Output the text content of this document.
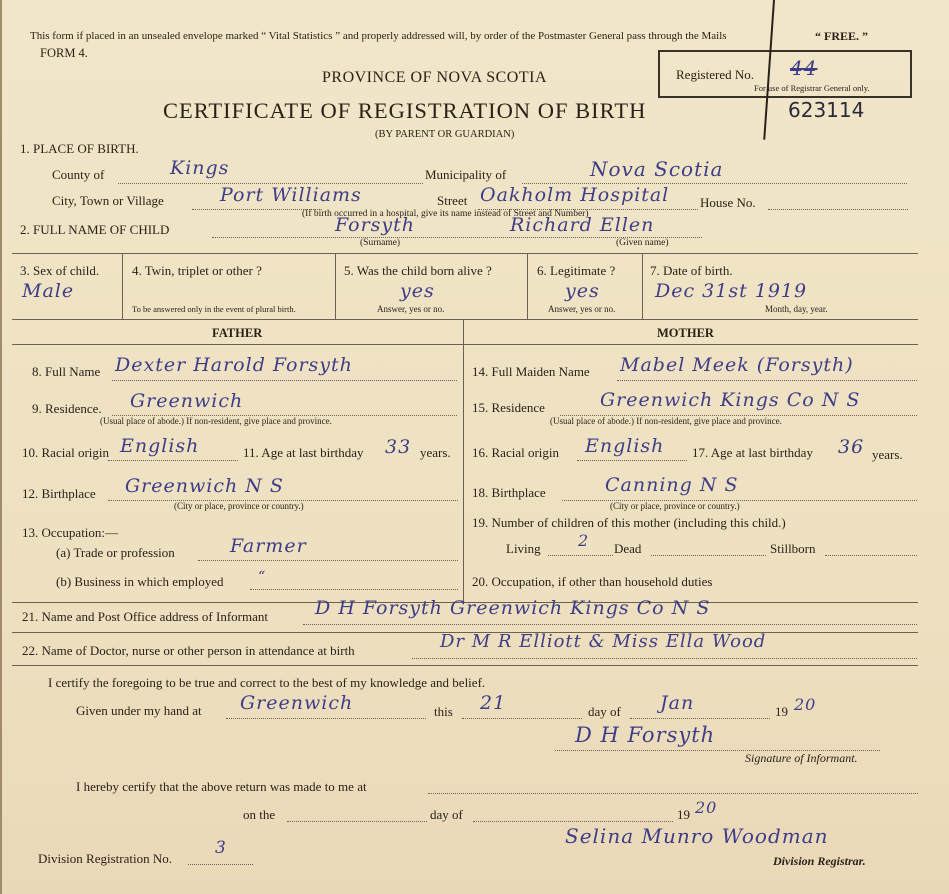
This form if placed in an unsealed envelope marked “ Vital Statistics ” and properly addressed will, by order of the Postmaster General pass through the Mails	“ FREE. ”
FORM 4.
PROVINCE OF NOVA SCOTIA
CERTIFICATE OF REGISTRATION OF BIRTH
(BY PARENT OR GUARDIAN)
Registered No. 44
For use of Registrar General only.
623114
1. PLACE OF BIRTH.
County of	Kings	Municipality of	Nova Scotia
City, Town or Village	Port Williams	Street Oakholm Hospital House No.
(If birth occurred in a hospital, give its name instead of Street and Number)
2. FULL NAME OF CHILD	Forsyth	Richard Ellen
(Surname)	(Given name)
3. Sex of child.
Male
4. Twin, triplet or other ?
To be answered only in the event of plural birth.
5. Was the child born alive ?
yes
Answer, yes or no.
6. Legitimate ?
yes
Answer, yes or no.
7. Date of birth.
Dec 31st 1919
Month, day, year.
FATHER	MOTHER
8. Full Name Dexter Harold Forsyth
9. Residence. Greenwich
(Usual place of abode.) If non-resident, give place and province.
10. Racial origin English	11. Age at last birthday 33 years.
12. Birthplace Greenwich N S
(City or place, province or country.)
13. Occupation:—
(a) Trade or profession	Farmer
(b) Business in which employed “
14. Full Maiden Name Mabel Meek (Forsyth)
15. Residence	Greenwich Kings Co N S
(Usual place of abode.) If non-resident, give place and province.
16. Racial origin English 17. Age at last birthday 36 years.
18. Birthplace	Canning N S
(City or place, province or country.)
19. Number of children of this mother (including this child.)
Living 2 Dead	Stillborn
20. Occupation, if other than household duties
21. Name and Post Office address of Informant D H Forsyth Greenwich Kings Co N S
22. Name of Doctor, nurse or other person in attendance at birth	Dr M R Elliott & Miss Ella Wood
I certify the foregoing to be true and correct to the best of my knowledge and belief.
Given under my hand at Greenwich	this 21	day of Jan	19 20
D H Forsyth
Signature of Informant.
I hereby certify that the above return was made to me at
on the	day of	19 20
Division Registration No.
3	Selina Munro Woodman
Division Registrar.
